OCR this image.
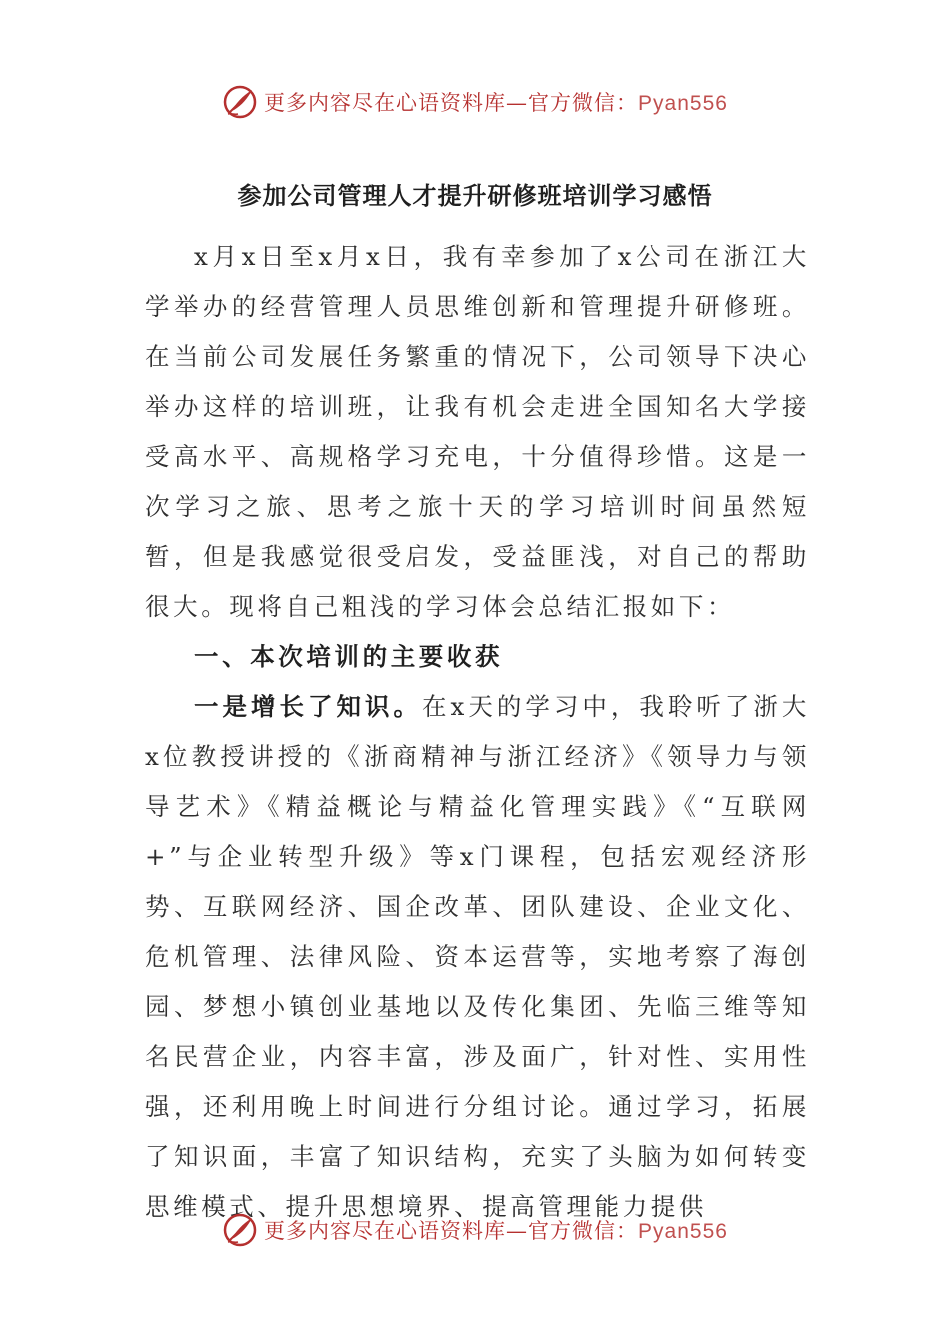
更多内容尽在心语资料库—官方微信：Pyan556
参加公司管理人才提升研修班培训学习感悟

x月x日至x月x日，我有幸参加了x公司在浙江大学举办的经营管理人员思维创新和管理提升研修班。在当前公司发展任务繁重的情况下，公司领导下决心举办这样的培训班，让我有机会走进全国知名大学接受高水平、高规格学习充电，十分值得珍惜。这是一次学习之旅、思考之旅十天的学习培训时间虽然短暂，但是我感觉很受启发，受益匪浅，对自己的帮助很大。现将自己粗浅的学习体会总结汇报如下：

一、本次培训的主要收获

一是增长了知识。在x天的学习中，我聆听了浙大x位教授讲授的《浙商精神与浙江经济》《领导力与领导艺术》《精益概论与精益化管理实践》《“互联网+”与企业转型升级》等x门课程，包括宏观经济形势、互联网经济、国企改革、团队建设、企业文化、危机管理、法律风险、资本运营等，实地考察了海创园、梦想小镇创业基地以及传化集团、先临三维等知名民营企业，内容丰富，涉及面广，针对性、实用性强，还利用晚上时间进行分组讨论。通过学习，拓展了知识面，丰富了知识结构，充实了头脑为如何转变思维模式、提升思想境界、提高管理能力提供

更多内容尽在心语资料库—官方微信：Pyan556
